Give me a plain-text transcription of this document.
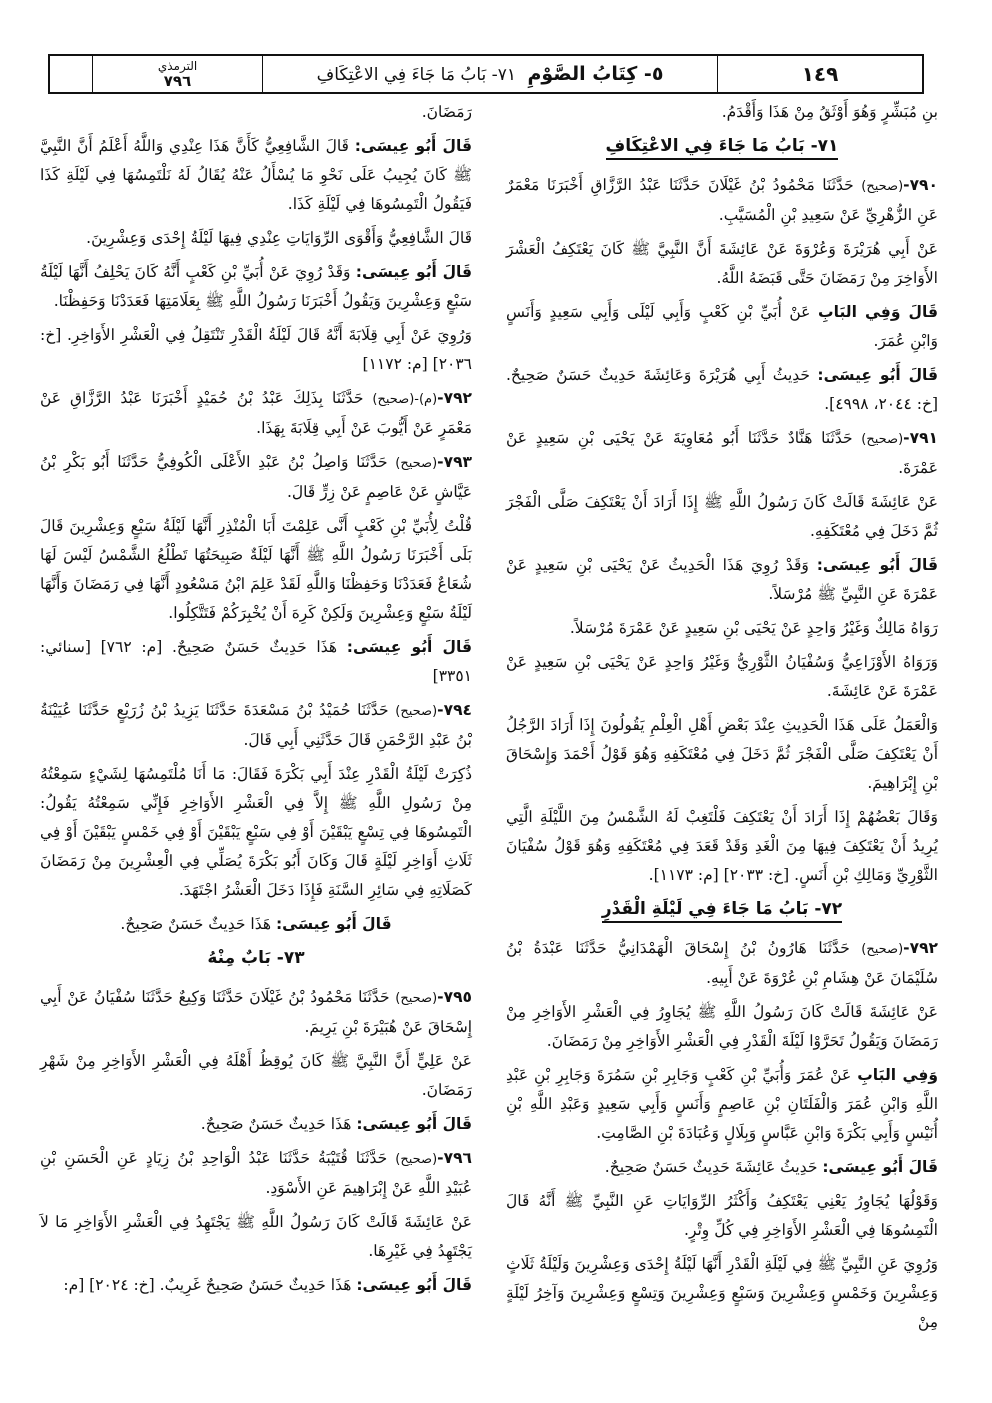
١٤٩
٥- كِتَابُ الصَّوْمِ ٧١- بَابُ مَا جَاءَ فِي الاعْتِكَافِ
الترمذي
٧٩٦

بنِ مُبَشِّرٍ وَهُوَ أَوْثَقُ مِنْ هَذَا وَأَقْدَمُ.

٧١- بَابُ مَا جَاءَ فِي الاعْتِكَافِ

٧٩٠-(صحيح) حَدَّثَنَا مَحْمُودُ بْنُ غَيْلَانَ حَدَّثَنَا عَبْدُ الرَّزَّاقِ أَخْبَرَنَا مَعْمَرٌ عَنِ الزُّهْرِيِّ عَنْ سَعِيدِ بْنِ الْمُسَيَّبِ.

عَنْ أَبِي هُرَيْرَةَ وَعُرْوَةَ عَنْ عَائِشَةَ أَنَّ النَّبِيَّ ﷺ كَانَ يَعْتَكِفُ الْعَشْرَ الأَوَاخِرَ مِنْ رَمَضَانَ حَتَّى قَبَضَهُ اللَّهُ.

قَالَ وَفِي البَابِ عَنْ أُبَيِّ بْنِ كَعْبٍ وَأَبِي لَيْلَى وَأَبِي سَعِيدٍ وَأَنَسٍ وَابْنِ عُمَرَ.

قَالَ أَبُو عِيسَى: حَدِيثُ أَبِي هُرَيْرَةَ وَعَائِشَةَ حَدِيثٌ حَسَنٌ صَحِيحٌ. [خ: ٢٠٤٤، ٤٩٩٨].

٧٩١-(صحيح) حَدَّثَنَا هَنَّادٌ حَدَّثَنَا أَبُو مُعَاوِيَةَ عَنْ يَحْيَى بْنِ سَعِيدٍ عَنْ عَمْرَةَ.

عَنْ عَائِشَةَ قَالَتْ كَانَ رَسُولُ اللَّهِ ﷺ إِذَا أَرَادَ أَنْ يَعْتَكِفَ صَلَّى الْفَجْرَ ثُمَّ دَخَلَ فِي مُعْتَكَفِهِ.

قَالَ أَبُو عِيسَى: وَقَدْ رُوِيَ هَذَا الْحَدِيثُ عَنْ يَحْيَى بْنِ سَعِيدٍ عَنْ عَمْرَةَ عَنِ النَّبِيِّ ﷺ مُرْسَلاً.

رَوَاهُ مَالِكٌ وَغَيْرُ وَاحِدٍ عَنْ يَحْيَى بْنِ سَعِيدٍ عَنْ عَمْرَةَ مُرْسَلاً.

وَرَوَاهُ الأَوْزَاعِيُّ وَسُفْيَانُ الثَّوْرِيُّ وَغَيْرُ وَاحِدٍ عَنْ يَحْيَى بْنِ سَعِيدٍ عَنْ عَمْرَةَ عَنْ عَائِشَةَ.

وَالْعَمَلُ عَلَى هَذَا الْحَدِيثِ عِنْدَ بَعْضِ أَهْلِ الْعِلْمِ يَقُولُونَ إِذَا أَرَادَ الرَّجُلُ أَنْ يَعْتَكِفَ صَلَّى الْفَجْرَ ثُمَّ دَخَلَ فِي مُعْتَكَفِهِ وَهُوَ قَوْلُ أَحْمَدَ وَإِسْحَاقَ بْنِ إِبْرَاهِيمَ.

وَقَالَ بَعْضُهُمْ إِذَا أَرَادَ أَنْ يَعْتَكِفَ فَلْتَغِبْ لَهُ الشَّمْسُ مِنَ اللَّيْلَةِ الَّتِي يُرِيدُ أَنْ يَعْتَكِفَ فِيهَا مِنَ الْغَدِ وَقَدْ قَعَدَ فِي مُعْتَكَفِهِ وَهُوَ قَوْلُ سُفْيَانَ الثَّوْرِيِّ وَمَالِكِ بْنِ أَنَسٍ. [خ: ٢٠٣٣] [م: ١١٧٣].

٧٢- بَابُ مَا جَاءَ فِي لَيْلَةِ الْقَدْرِ

٧٩٢-(صحيح) حَدَّثَنَا هَارُونُ بْنُ إِسْحَاقَ الْهَمْدَانِيُّ حَدَّثَنَا عَبْدَةُ بْنُ سُلَيْمَانَ عَنْ هِشَامِ بْنِ عُرْوَةَ عَنْ أَبِيهِ.

عَنْ عَائِشَةَ قَالَتْ كَانَ رَسُولُ اللَّهِ ﷺ يُجَاوِرُ فِي الْعَشْرِ الأَوَاخِرِ مِنْ رَمَضَانَ وَيَقُولُ تَحَرَّوْا لَيْلَةَ الْقَدْرِ فِي الْعَشْرِ الأَوَاخِرِ مِنْ رَمَضَانَ.

وَفِي البَابِ عَنْ عُمَرَ وَأُبَيِّ بْنِ كَعْبٍ وَجَابِرِ بْنِ سَمُرَةَ وَجَابِرِ بْنِ عَبْدِ اللَّهِ وَابْنِ عُمَرَ وَالْفَلَتَانِ بْنِ عَاصِمٍ وَأَنَسٍ وَأَبِي سَعِيدٍ وَعَبْدِ اللَّهِ بْنِ أُنَيْسٍ وَأَبِي بَكْرَةَ وَابْنِ عَبَّاسٍ وَبِلَالٍ وَعُبَادَةَ بْنِ الصَّامِتِ.

قَالَ أَبُو عِيسَى: حَدِيثُ عَائِشَةَ حَدِيثٌ حَسَنٌ صَحِيحٌ.

وَقَوْلُهَا يُجَاوِرُ يَعْنِي يَعْتَكِفُ وَأَكْثَرُ الرِّوَايَاتِ عَنِ النَّبِيِّ ﷺ أَنَّهُ قَالَ الْتَمِسُوهَا فِي الْعَشْرِ الأَوَاخِرِ فِي كُلِّ وِتْرٍ.

وَرُوِيَ عَنِ النَّبِيِّ ﷺ فِي لَيْلَةِ الْقَدْرِ أَنَّهَا لَيْلَةُ إِحْدَى وَعِشْرِينَ وَلَيْلَةُ ثَلَاثٍ وَعِشْرِينَ وَخَمْسٍ وَعِشْرِينَ وَسَبْعٍ وَعِشْرِينَ وَتِسْعٍ وَعِشْرِينَ وَآخِرُ لَيْلَةٍ مِنْ

رَمَضَانَ.

قَالَ أَبُو عِيسَى: قَالَ الشَّافِعِيُّ كَأَنَّ هَذَا عِنْدِي وَاللَّهُ أَعْلَمُ أَنَّ النَّبِيَّ ﷺ كَانَ يُجِيبُ عَلَى نَحْوِ مَا يُسْأَلُ عَنْهُ يُقَالُ لَهُ نَلْتَمِسُهَا فِي لَيْلَةِ كَذَا فَيَقُولُ الْتَمِسُوهَا فِي لَيْلَةِ كَذَا.

قَالَ الشَّافِعِيُّ وَأَقْوَى الرِّوَايَاتِ عِنْدِي فِيهَا لَيْلَةُ إِحْدَى وَعِشْرِينَ.

قَالَ أَبُو عِيسَى: وَقَدْ رُوِيَ عَنْ أُبَيِّ بْنِ كَعْبٍ أَنَّهُ كَانَ يَحْلِفُ أَنَّهَا لَيْلَةُ سَبْعٍ وَعِشْرِينَ وَيَقُولُ أَخْبَرَنَا رَسُولُ اللَّهِ ﷺ بِعَلَامَتِهَا فَعَدَدْنَا وَحَفِظْنَا.

وَرُوِيَ عَنْ أَبِي قِلَابَةَ أَنَّهُ قَالَ لَيْلَةُ الْقَدْرِ تَنْتَقِلُ فِي الْعَشْرِ الأَوَاخِرِ. [خ: ٢٠٣٦] [م: ١١٧٢]

٧٩٢-(م)-(صحيح) حَدَّثَنَا بِذَلِكَ عَبْدُ بْنُ حُمَيْدٍ أَخْبَرَنَا عَبْدُ الرَّزَّاقِ عَنْ مَعْمَرٍ عَنْ أَيُّوبَ عَنْ أَبِي قِلَابَةَ بِهَذَا.

٧٩٣-(صحيح) حَدَّثَنَا وَاصِلُ بْنُ عَبْدِ الأَعْلَى الْكُوفِيُّ حَدَّثَنَا أَبُو بَكْرِ بْنُ عَيَّاشٍ عَنْ عَاصِمٍ عَنْ زِرٍّ قَالَ.

قُلْتُ لِأُبَيِّ بْنِ كَعْبٍ أَنَّى عَلِمْتَ أَبَا الْمُنْذِرِ أَنَّهَا لَيْلَةُ سَبْعٍ وَعِشْرِينَ قَالَ بَلَى أَخْبَرَنَا رَسُولُ اللَّهِ ﷺ أَنَّهَا لَيْلَةٌ صَبِيحَتُهَا تَطْلُعُ الشَّمْسُ لَيْسَ لَهَا شُعَاعٌ فَعَدَدْنَا وَحَفِظْنَا وَاللَّهِ لَقَدْ عَلِمَ ابْنُ مَسْعُودٍ أَنَّهَا فِي رَمَضَانَ وَأَنَّهَا لَيْلَةُ سَبْعٍ وَعِشْرِينَ وَلَكِنْ كَرِهَ أَنْ يُخْبِرَكُمْ فَتَتَّكِلُوا.

قَالَ أَبُو عِيسَى: هَذَا حَدِيثٌ حَسَنٌ صَحِيحٌ. [م: ٧٦٢] [سنائي: ٣٣٥١]

٧٩٤-(صحيح) حَدَّثَنَا حُمَيْدُ بْنُ مَسْعَدَةَ حَدَّثَنَا يَزِيدُ بْنُ زُرَيْعٍ حَدَّثَنَا عُيَيْنَةُ بْنُ عَبْدِ الرَّحْمَنِ قَالَ حَدَّثَنِي أَبِي قَالَ.

ذُكِرَتْ لَيْلَةُ الْقَدْرِ عِنْدَ أَبِي بَكْرَةَ فَقَالَ: مَا أَنَا مُلْتَمِسُهَا لِشَيْءٍ سَمِعْتُهُ مِنْ رَسُولِ اللَّهِ ﷺ إِلاَّ فِي الْعَشْرِ الأَوَاخِرِ فَإِنِّي سَمِعْتُهُ يَقُولُ: الْتَمِسُوهَا فِي تِسْعٍ يَبْقَيْنَ أَوْ فِي سَبْعٍ يَبْقَيْنَ أَوْ فِي خَمْسٍ يَبْقَيْنَ أَوْ فِي ثَلَاثِ أَوَاخِرِ لَيْلَةٍ قَالَ وَكَانَ أَبُو بَكْرَةَ يُصَلِّي فِي الْعِشْرِينَ مِنْ رَمَضَانَ كَصَلَاتِهِ فِي سَائِرِ السَّنَةِ فَإِذَا دَخَلَ الْعَشْرُ اجْتَهَدَ.

قَالَ أَبُو عِيسَى: هَذَا حَدِيثٌ حَسَنٌ صَحِيحٌ.

٧٣- بَابٌ مِنْهُ

٧٩٥-(صحيح) حَدَّثَنَا مَحْمُودُ بْنُ غَيْلَانَ حَدَّثَنَا وَكِيعٌ حَدَّثَنَا سُفْيَانُ عَنْ أَبِي إِسْحَاقَ عَنْ هُبَيْرَةَ بْنِ يَرِيمَ.

عَنْ عَلِيٍّ أَنَّ النَّبِيَّ ﷺ كَانَ يُوقِظُ أَهْلَهُ فِي الْعَشْرِ الأَوَاخِرِ مِنْ شَهْرِ رَمَضَانَ.

قَالَ أَبُو عِيسَى: هَذَا حَدِيثٌ حَسَنٌ صَحِيحٌ.

٧٩٦-(صحيح) حَدَّثَنَا قُتَيْبَةُ حَدَّثَنَا عَبْدُ الْوَاحِدِ بْنُ زِيَادٍ عَنِ الْحَسَنِ بْنِ عُبَيْدِ اللَّهِ عَنْ إِبْرَاهِيمَ عَنِ الأَسْوَدِ.

عَنْ عَائِشَةَ قَالَتْ كَانَ رَسُولُ اللَّهِ ﷺ يَجْتَهِدُ فِي الْعَشْرِ الأَوَاخِرِ مَا لاَ يَجْتَهِدُ فِي غَيْرِهَا.

قَالَ أَبُو عِيسَى: هَذَا حَدِيثٌ حَسَنٌ صَحِيحٌ غَرِيبٌ. [خ: ٢٠٢٤] [م:
